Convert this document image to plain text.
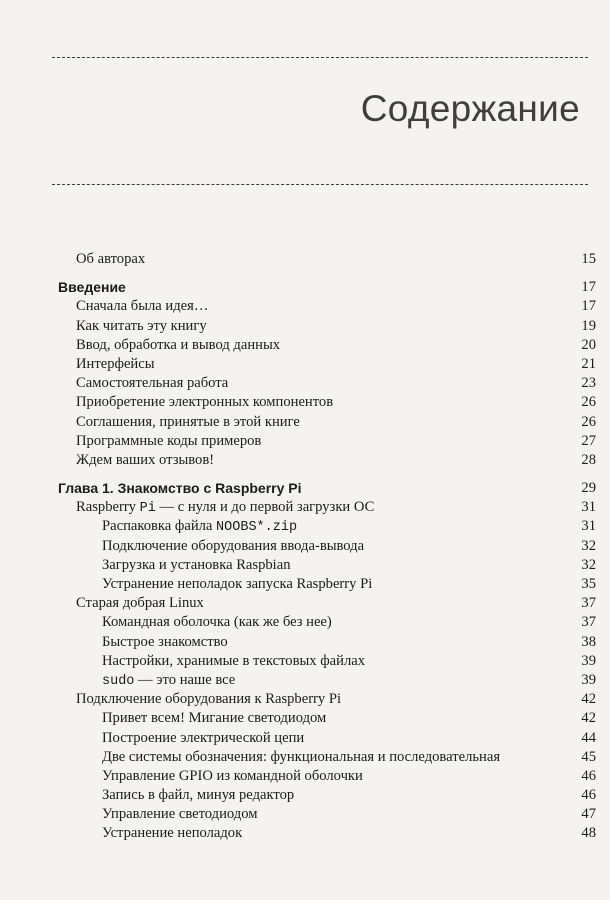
Содержание
Об авторах	15
Введение	17
Сначала была идея…	17
Как читать эту книгу	19
Ввод, обработка и вывод данных	20
Интерфейсы	21
Самостоятельная работа	23
Приобретение электронных компонентов	26
Соглашения, принятые в этой книге	26
Программные коды примеров	27
Ждем ваших отзывов!	28
Глава 1. Знакомство с Raspberry Pi	29
Raspberry Pi — с нуля и до первой загрузки ОС	31
Распаковка файла NOOBS*.zip	31
Подключение оборудования ввода-вывода	32
Загрузка и установка Raspbian	32
Устранение неполадок запуска Raspberry Pi	35
Старая добрая Linux	37
Командная оболочка (как же без нее)	37
Быстрое знакомство	38
Настройки, хранимые в текстовых файлах	39
sudo — это наше все	39
Подключение оборудования к Raspberry Pi	42
Привет всем! Мигание светодиодом	42
Построение электрической цепи	44
Две системы обозначения: функциональная и последовательная	45
Управление GPIO из командной оболочки	46
Запись в файл, минуя редактор	46
Управление светодиодом	47
Устранение неполадок	48
